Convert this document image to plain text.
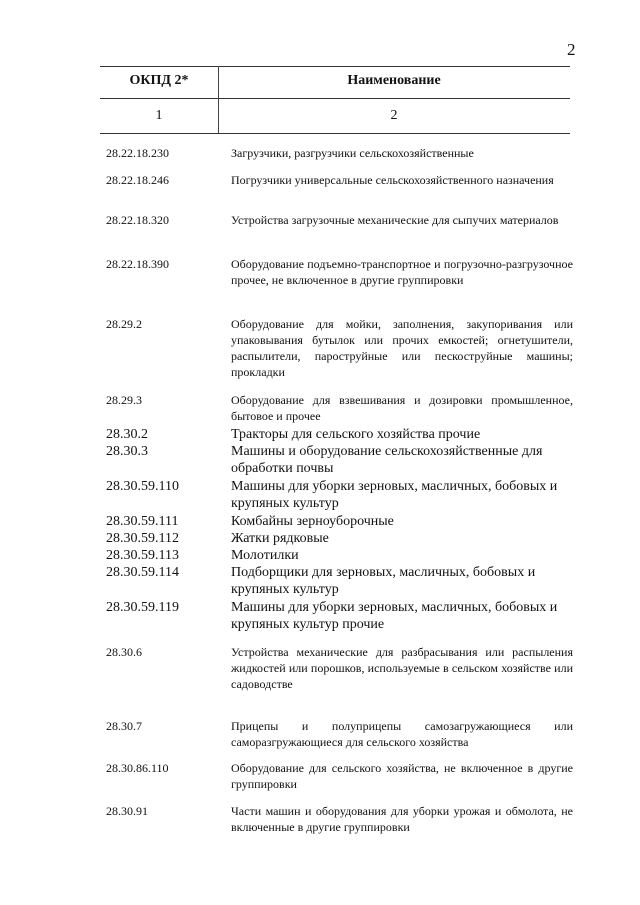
2
ОКПД 2*	Наименование
1	2
28.22.18.230	Загрузчики, разгрузчики сельскохозяйственные
28.22.18.246	Погрузчики универсальные сельскохозяйственного назначения
28.22.18.320	Устройства загрузочные механические для сыпучих материалов
28.22.18.390	Оборудование подъемно-транспортное и погрузочно-разгрузочное прочее, не включенное в другие группировки
28.29.2	Оборудование для мойки, заполнения, закупоривания или упаковывания бутылок или прочих емкостей; огнетушители, распылители, пароструйные или пескоструйные машины; прокладки
28.29.3	Оборудование для взвешивания и дозировки промышленное, бытовое и прочее
28.30.2	Тракторы для сельского хозяйства прочие
28.30.3	Машины и оборудование сельскохозяйственные для обработки почвы
28.30.59.110	Машины для уборки зерновых, масличных, бобовых и крупяных культур
28.30.59.111	Комбайны зерноуборочные
28.30.59.112	Жатки рядковые
28.30.59.113	Молотилки
28.30.59.114	Подборщики для зерновых, масличных, бобовых и крупяных культур
28.30.59.119	Машины для уборки зерновых, масличных, бобовых и крупяных культур прочие
28.30.6	Устройства механические для разбрасывания или распыления жидкостей или порошков, используемые в сельском хозяйстве или садоводстве
28.30.7	Прицепы и полуприцепы самозагружающиеся или саморазгружающиеся для сельского хозяйства
28.30.86.110	Оборудование для сельского хозяйства, не включенное в другие группировки
28.30.91	Части машин и оборудования для уборки урожая и обмолота, не включенные в другие группировки
